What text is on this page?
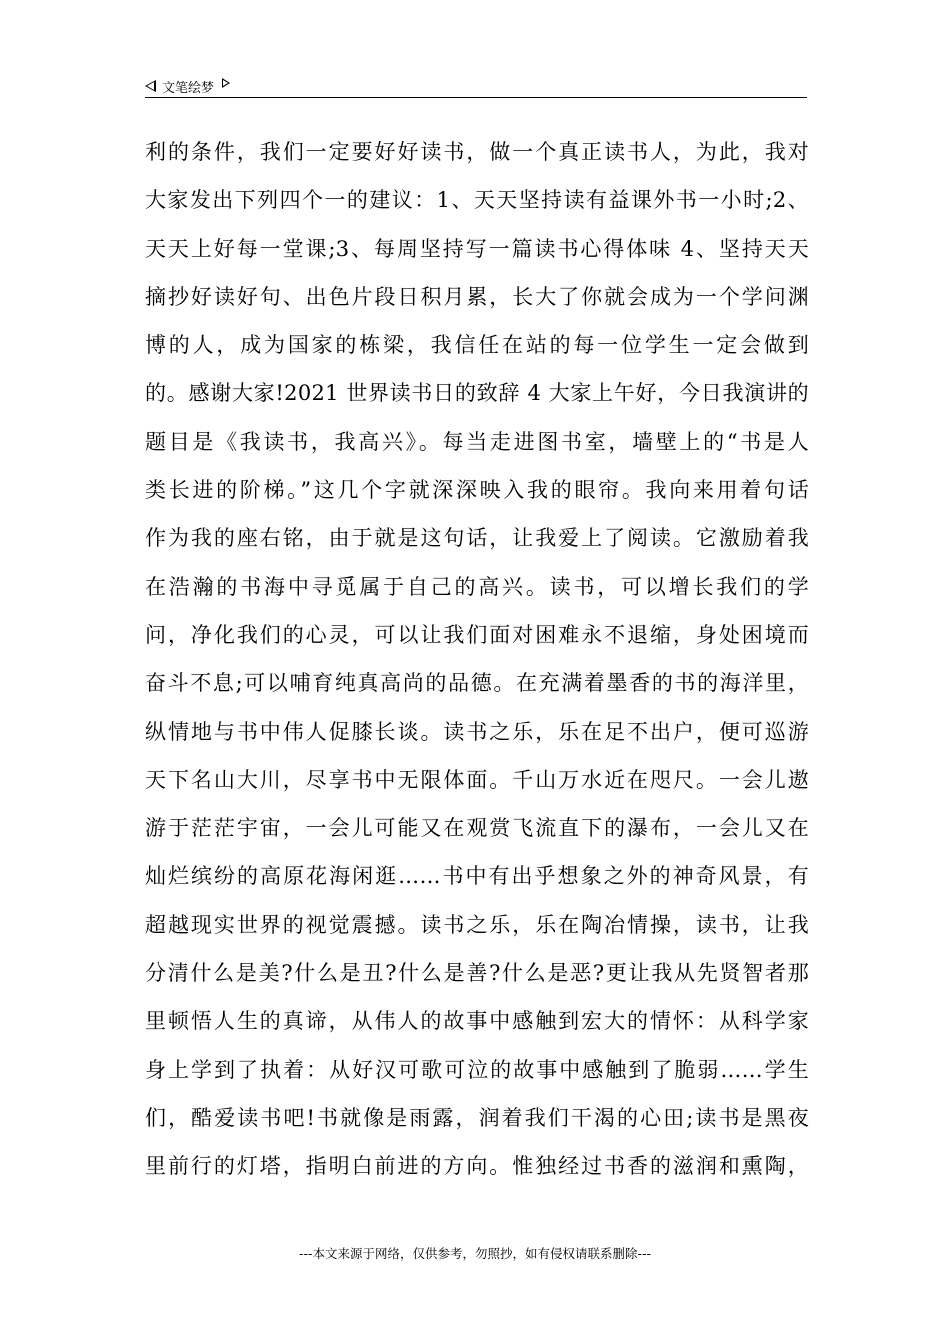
文笔绘梦
利的条件，我们一定要好好读书，做一个真正读书人，为此，我对
大家发出下列四个一的建议：1、天天坚持读有益课外书一小时;2、
天天上好每一堂课;3、每周坚持写一篇读书心得体味 4、坚持天天
摘抄好读好句、出色片段日积月累，长大了你就会成为一个学问渊
博的人，成为国家的栋梁，我信任在站的每一位学生一定会做到
的。感谢大家!2021 世界读书日的致辞 4 大家上午好，今日我演讲的
题目是《我读书，我高兴》。每当走进图书室，墙壁上的“书是人
类长进的阶梯。”这几个字就深深映入我的眼帘。我向来用着句话
作为我的座右铭，由于就是这句话，让我爱上了阅读。它激励着我
在浩瀚的书海中寻觅属于自己的高兴。读书，可以增长我们的学
问，净化我们的心灵，可以让我们面对困难永不退缩，身处困境而
奋斗不息;可以哺育纯真高尚的品德。在充满着墨香的书的海洋里，
纵情地与书中伟人促膝长谈。读书之乐，乐在足不出户，便可巡游
天下名山大川，尽享书中无限体面。千山万水近在咫尺。一会儿遨
游于茫茫宇宙，一会儿可能又在观赏飞流直下的瀑布，一会儿又在
灿烂缤纷的高原花海闲逛……书中有出乎想象之外的神奇风景，有
超越现实世界的视觉震撼。读书之乐，乐在陶冶情操，读书，让我
分清什么是美?什么是丑?什么是善?什么是恶?更让我从先贤智者那
里顿悟人生的真谛，从伟人的故事中感触到宏大的情怀：从科学家
身上学到了执着：从好汉可歌可泣的故事中感触到了脆弱……学生
们，酷爱读书吧!书就像是雨露，润着我们干渴的心田;读书是黑夜
里前行的灯塔，指明白前进的方向。惟独经过书香的滋润和熏陶，
---本文来源于网络，仅供参考，勿照抄，如有侵权请联系删除---
